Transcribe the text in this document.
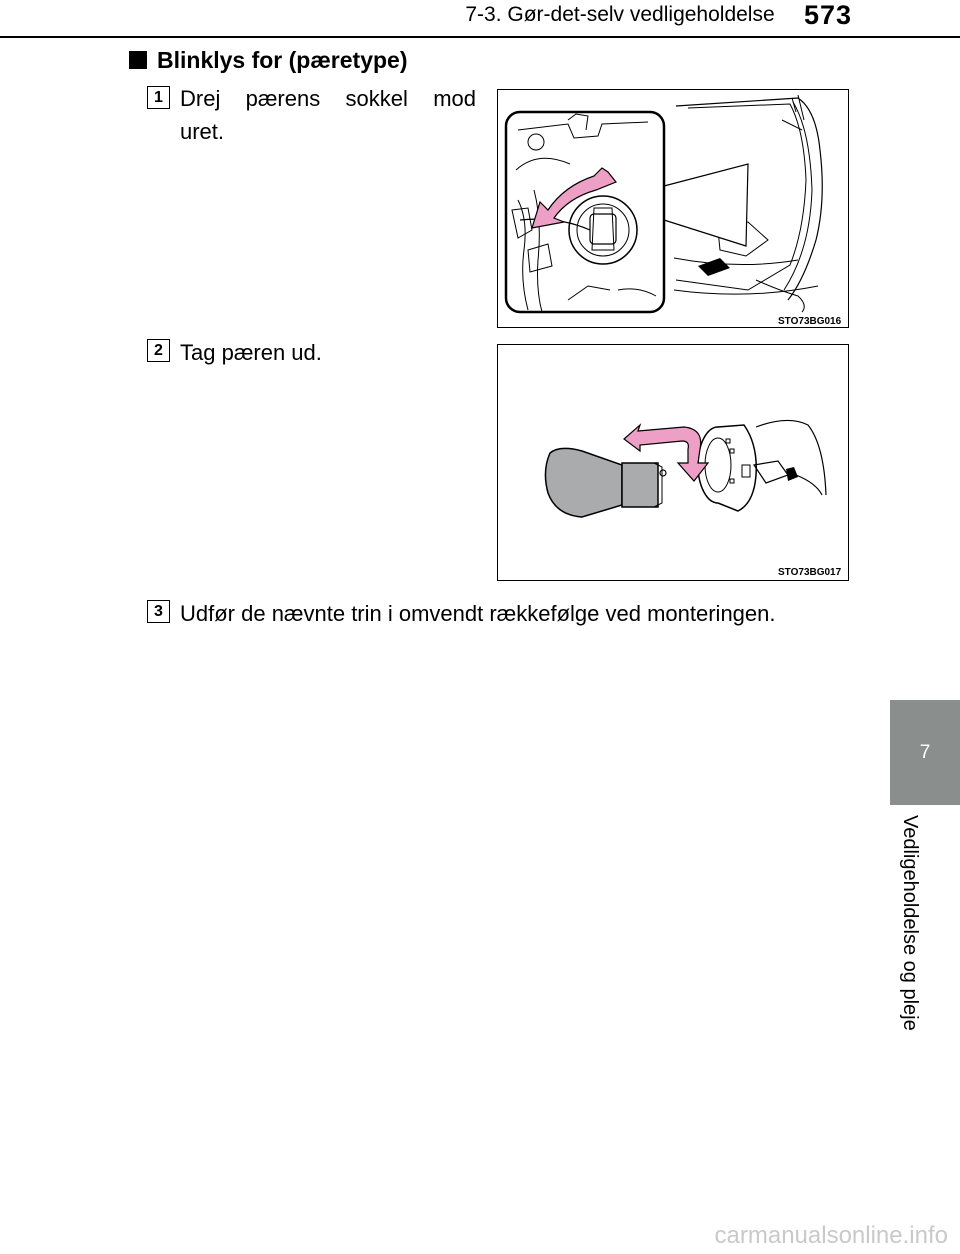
7-3. Gør-det-selv vedligeholdelse	573
7
Vedligeholdelse og pleje
Blinklys for (pæretype)
1 Drej pærens sokkel mod
uret.
STO73BG016
2 Tag pæren ud.
STO73BG017
3 Udfør de nævnte trin i omvendt rækkefølge ved monteringen.
carmanualsonline.info
